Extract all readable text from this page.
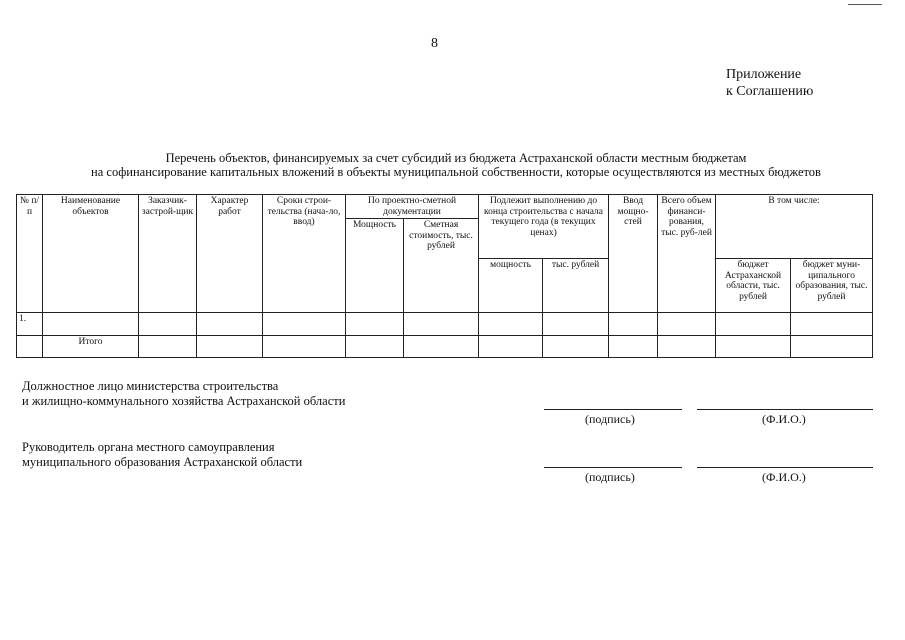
8
Приложение
к Соглашению
Перечень объектов, финансируемых за счет субсидий из бюджета Астраханской области местным бюджетам
на софинансирование капитальных вложений в объекты муниципальной собственности, которые осуществляются из местных бюджетов
№ п/п	Наименование объектов	Заказчик-застрой-щик	Характер работ	Сроки строи-тельства (нача-ло, ввод)	По проектно-сметной документации		Подлежит выполнению до конца строительства с начала текущего года (в текущих ценах)		Ввод мощно-стей	Всего объем финанси-рования, тыс. руб-лей	В том числе:	
					Мощность	Сметная стоимость, тыс. рублей						
							мощность	тыс. рублей			бюджет Астраханской области, тыс. рублей	бюджет муни-ципального образования, тыс. рублей
1.												
	Итого											
Должностное лицо министерства строительства
и жилищно-коммунального хозяйства Астраханской области
(подпись)	(Ф.И.О.)
Руководитель органа местного самоуправления
муниципального образования Астраханской области
(подпись)	(Ф.И.О.)
